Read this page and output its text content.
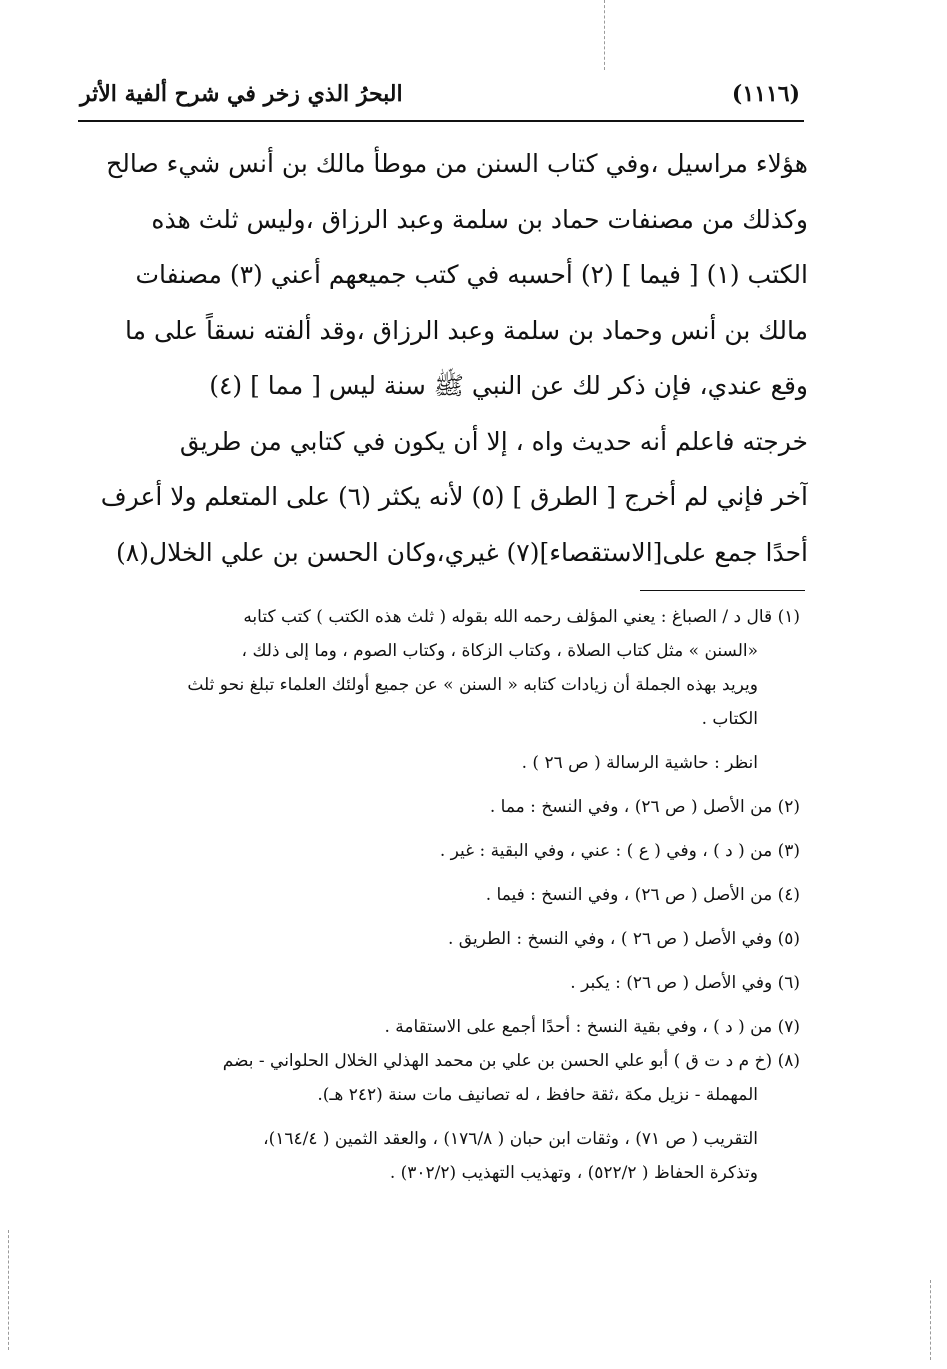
(١١١٦)
البحرُ الذي زخر في شرح ألفية الأثر
هؤلاء مراسيل ،وفي كتاب السنن من موطأ مالك بن أنس شيء صالح
وكذلك من مصنفات حماد بن سلمة وعبد الرزاق ،وليس ثلث هذه
الكتب (١) [ فيما ] (٢) أحسبه في كتب جميعهم أعني (٣) مصنفات
مالك بن أنس وحماد بن سلمة وعبد الرزاق ،وقد ألفته نسقاً على ما
وقع عندي، فإن ذكر لك عن النبي ﷺ سنة ليس [ مما ] (٤)
خرجته فاعلم أنه حديث واه ، إلا أن يكون في كتابي من طريق
آخر فإني لم أخرج [ الطرق ] (٥) لأنه يكثر (٦) على المتعلم ولا أعرف
أحدًا جمع على[الاستقصاء](٧) غيري،وكان الحسن بن علي الخلال(٨)
(١) قال د / الصباغ : يعني المؤلف رحمه الله بقوله ( ثلث هذه الكتب ) كتب كتابه
«السنن » مثل كتاب الصلاة ، وكتاب الزكاة ، وكتاب الصوم ، وما إلى ذلك ،
ويريد بهذه الجملة أن زيادات كتابه « السنن » عن جميع أولئك العلماء تبلغ نحو ثلث
الكتاب .
انظر : حاشية الرسالة ( ص ٢٦ ) .
(٢) من الأصل ( ص ٢٦) ، وفي النسخ : مما .
(٣) من ( د ) ، وفي ( ع ) : عني ، وفي البقية : غير .
(٤) من الأصل ( ص ٢٦) ، وفي النسخ : فيما .
(٥) وفي الأصل ( ص ٢٦ ) ، وفي النسخ : الطريق .
(٦) وفي الأصل ( ص ٢٦) : يكبر .
(٧) من ( د ) ، وفي بقية النسخ : أحدًا أجمع على الاستقامة .
(٨) (خ م د ت ق ) أبو علي الحسن بن علي بن محمد الهذلي الخلال الحلواني - بضم
المهملة - نزيل مكة ،ثقة حافظ ، له تصانيف مات سنة (٢٤٢ هـ).
التقريب ( ص ٧١) ، وثقات ابن حبان ( ١٧٦/٨) ، والعقد الثمين ( ١٦٤/٤)،
وتذكرة الحفاظ ( ٥٢٢/٢) ، وتهذيب التهذيب (٣٠٢/٢) .
